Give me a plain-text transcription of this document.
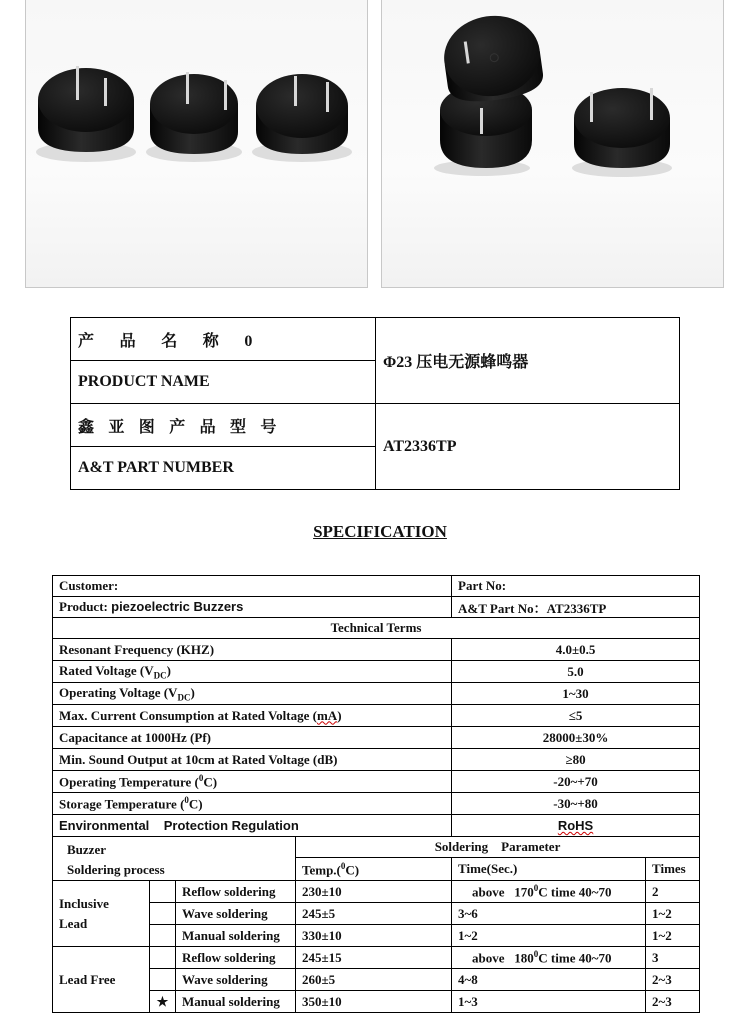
产品名称0	Φ23 压电无源蜂鸣器
PRODUCT NAME	
鑫亚图产品型号	AT2336TP
A&T PART NUMBER	
SPECIFICATION
Customer:				Part No:	
Product: piezoelectric Buzzers				A&T Part No：AT2336TP	
Technical Terms					
Resonant Frequency (KHZ)				4.0±0.5	
Rated Voltage $(V_{DC})$				5.0	
Operating Voltage $(V_{DC})$				1~30	
Max. Current Consumption at Rated Voltage (mA)				≤5	
Capacitance at 1000Hz (Pf)				28000±30%	
Min. Sound Output at 10cm at Rated Voltage (dB)				≥80	
Operating Temperature ($^0$C)				-20~+70	
Storage Temperature ($^0$C)				-30~+80	
Environmental    Protection Regulation				RoHS	

Buzzer
Soldering process			Soldering    Parameter		
			Temp.($^0$C)	Time(Sec.)	Times

Inclusive
Lead		Reflow soldering	230±10	above   $170^0C$ time 40~70	2
		Wave soldering	245±5	3~6	1~2
		Manual soldering	330±10	1~2	1~2

Lead Free		Reflow soldering	245±15	above   $180^0C$ time 40~70	3
		Wave soldering	260±5	4~8	2~3
	★	Manual soldering	350±10	1~3	2~3
